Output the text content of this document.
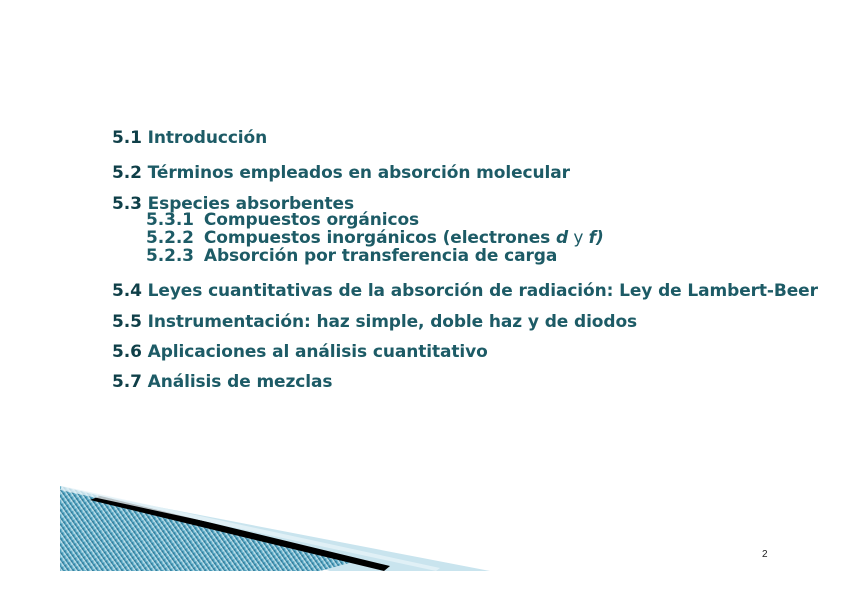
5.1 Introducción
5.2 Términos empleados en absorción molecular
5.3 Especies absorbentes
5.3.1 Compuestos orgánicos
5.2.2 Compuestos inorgánicos (electrones d y f)
5.2.3 Absorción por transferencia de carga
5.4 Leyes cuantitativas de la absorción de radiación: Ley de Lambert-Beer
5.5 Instrumentación: haz simple, doble haz y de diodos
5.6 Aplicaciones al análisis cuantitativo
5.7 Análisis de mezclas
2
